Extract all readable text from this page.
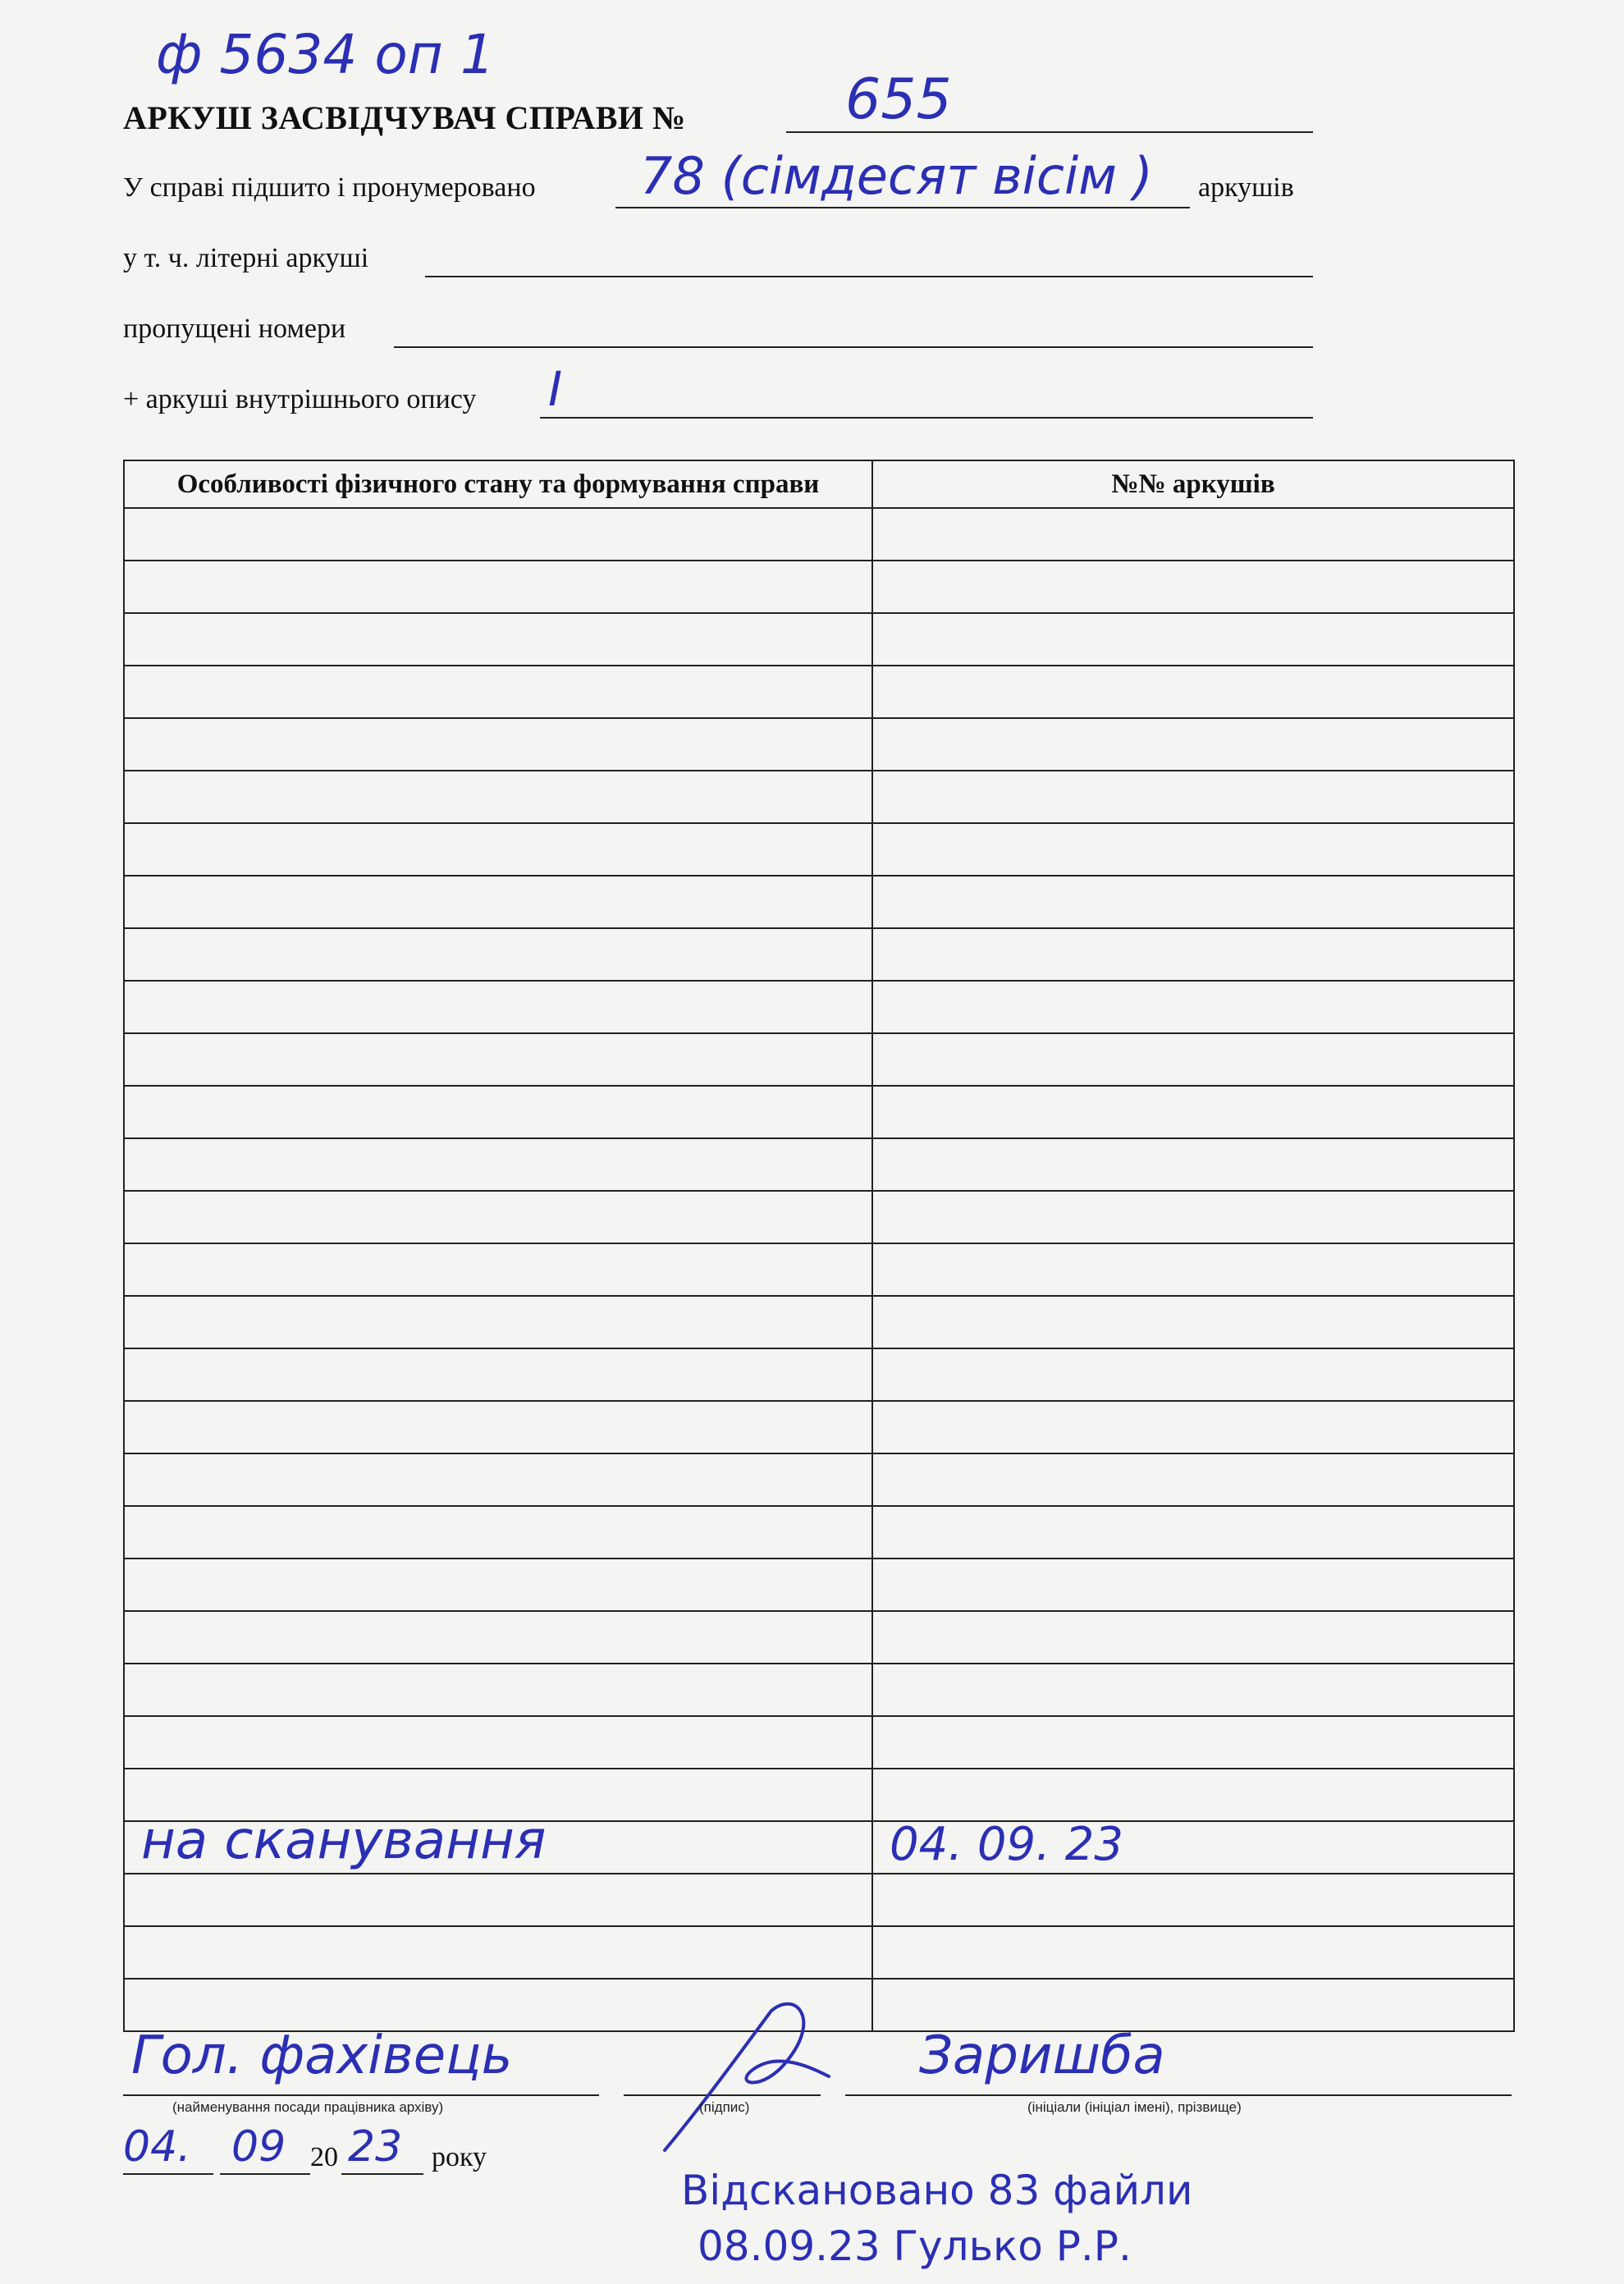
ф 5634 оп 1
АРКУШ ЗАСВІДЧУВАЧ СПРАВИ №	655
У справі підшито і пронумеровано 78 (сімдесят вісім ) аркушів
у т. ч. літерні аркуші
пропущені номери
+ аркуші внутрішнього опису I
Особливості фізичного стану та формування справи	№№ аркушів

на сканування	04. 09. 23

Гол. фахівець
(найменування посади працівника архіву)	(підпис)
Заришба
(ініціали (ініціал імені), прізвище)
04. 09 20 23 року
Відскановано 83 файли
08.09.23 Гулько Р.Р.
